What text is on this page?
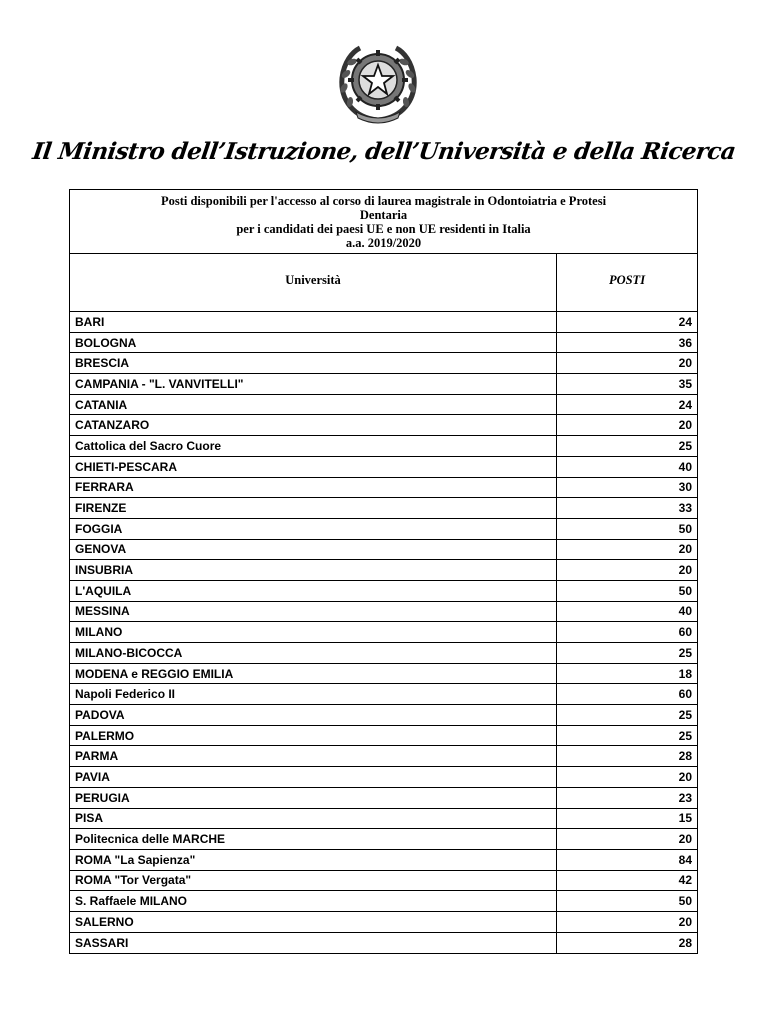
Il Ministro dell’Istruzione, dell’Università e della Ricerca
Posti disponibili per l'accesso al corso di laurea magistrale in Odontoiatria e Protesi
Dentaria
per i candidati dei paesi UE e non UE residenti in Italia
a.a. 2019/2020
Università	POSTI
BARI	24
BOLOGNA	36
BRESCIA	20
CAMPANIA - "L. VANVITELLI"	35
CATANIA	24
CATANZARO	20
Cattolica del Sacro Cuore	25
CHIETI-PESCARA	40
FERRARA	30
FIRENZE	33
FOGGIA	50
GENOVA	20
INSUBRIA	20
L'AQUILA	50
MESSINA	40
MILANO	60
MILANO-BICOCCA	25
MODENA e REGGIO EMILIA	18
Napoli Federico II	60
PADOVA	25
PALERMO	25
PARMA	28
PAVIA	20
PERUGIA	23
PISA	15
Politecnica delle MARCHE	20
ROMA "La Sapienza"	84
ROMA "Tor Vergata"	42
S. Raffaele MILANO	50
SALERNO	20
SASSARI	28
